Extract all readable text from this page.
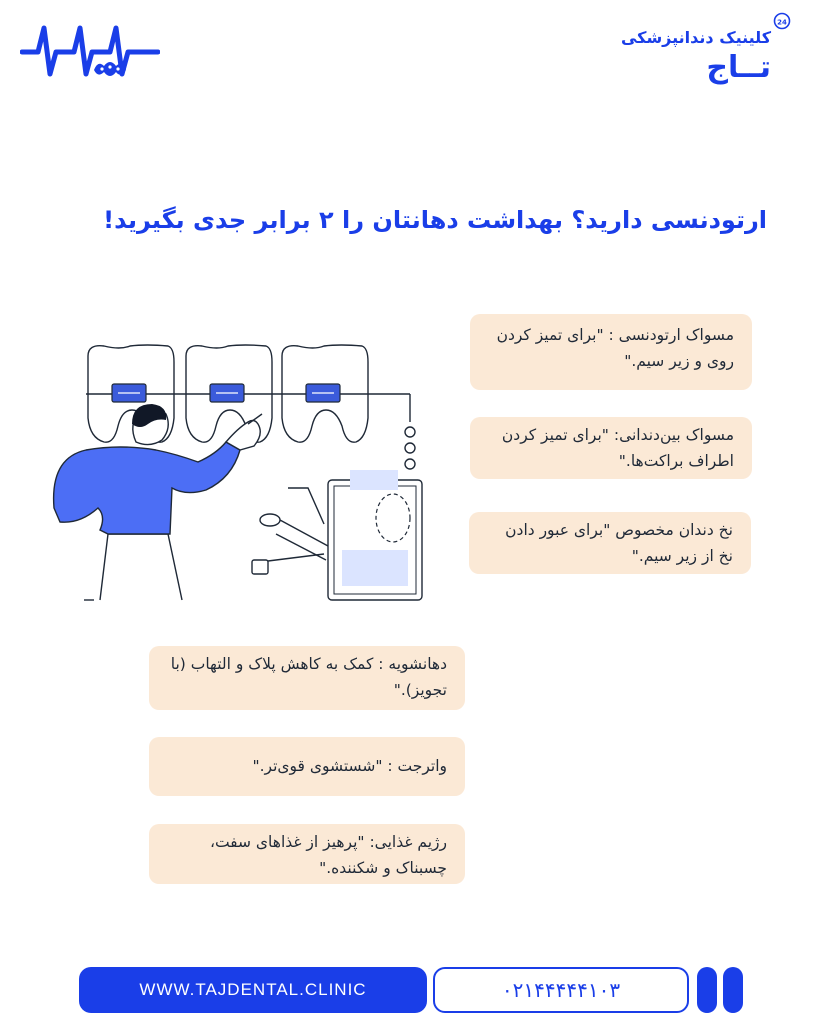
24
کلینیک دندانپزشکی
تــاج
ارتودنسی دارید؟ بهداشت دهانتان را ۲ برابر جدی بگیرید!
مسواک ارتودنسی : "برای تمیز کردن روی و زیر سیم."
مسواک بین‌دندانی: "برای تمیز کردن اطراف براکت‌ها."
نخ دندان مخصوص "برای عبور دادن نخ از زیر سیم."
دهانشویه : کمک به کاهش پلاک و التهاب (با تجویز)."
واترجت : "شستشوی قوی‌تر."
رژیم غذایی: "پرهیز از غذاهای سفت، چسبناک و شکننده."
WWW.TAJDENTAL.CLINIC	۰۲۱۴۴۴۴۴۱۰۳
